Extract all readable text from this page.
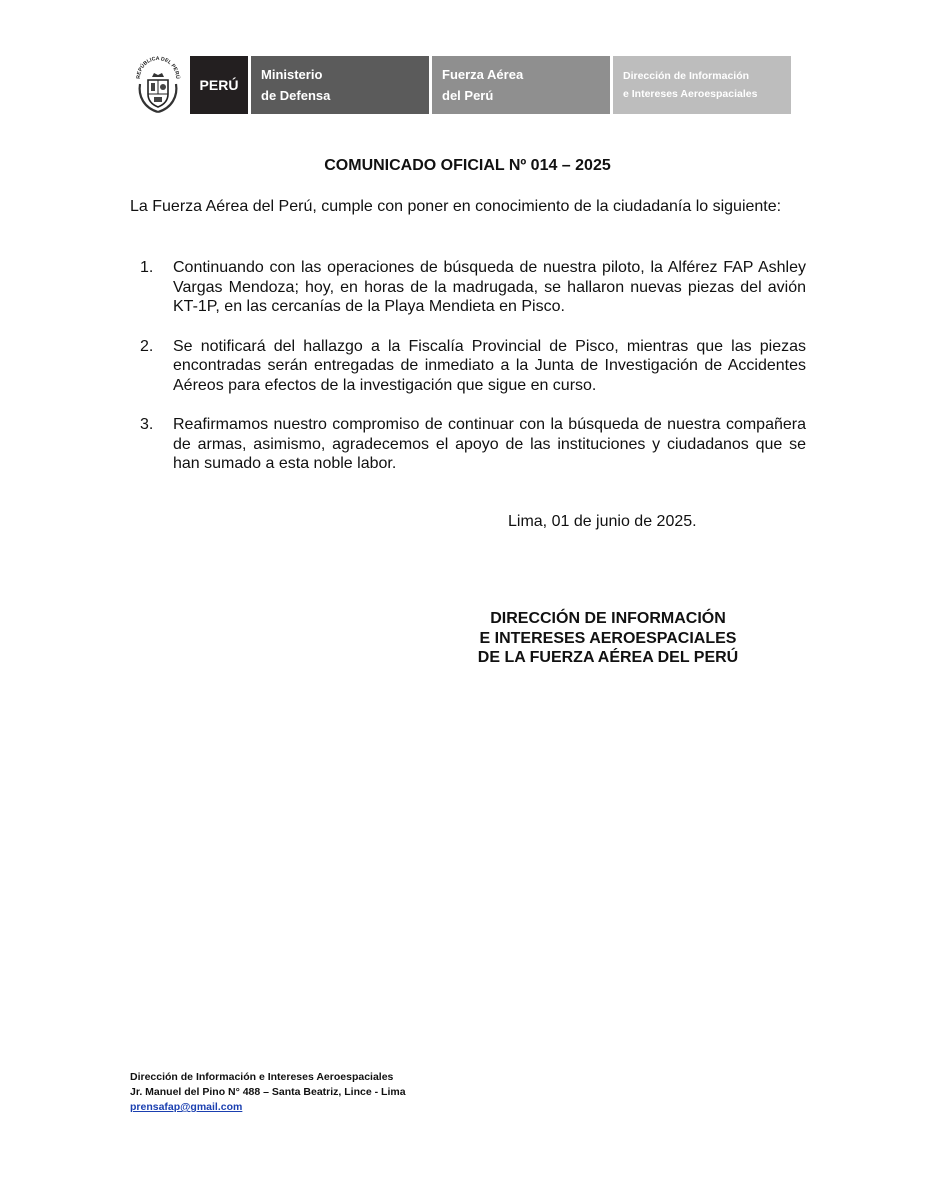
REPÚBLICA DEL PERÚ
PERÚ
Ministerio
de Defensa
Fuerza Aérea
del Perú
Dirección de Información
e Intereses Aeroespaciales
COMUNICADO OFICIAL Nº 014 – 2025
La Fuerza Aérea del Perú, cumple con poner en conocimiento de la ciudadanía lo siguiente:
1.	Continuando con las operaciones de búsqueda de nuestra piloto, la Alférez FAP Ashley Vargas Mendoza; hoy, en horas de la madrugada, se hallaron nuevas piezas del avión KT-1P, en las cercanías de la Playa Mendieta en Pisco.
2.	Se notificará del hallazgo a la Fiscalía Provincial de Pisco, mientras que las piezas encontradas serán entregadas de inmediato a la Junta de Investigación de Accidentes Aéreos para efectos de la investigación que sigue en curso.
3.	Reafirmamos nuestro compromiso de continuar con la búsqueda de nuestra compañera de armas, asimismo, agradecemos el apoyo de las instituciones y ciudadanos que se han sumado a esta noble labor.
Lima, 01 de junio de 2025.
DIRECCIÓN DE INFORMACIÓN
E INTERESES AEROESPACIALES
DE LA FUERZA AÉREA DEL PERÚ
Dirección de Información e Intereses Aeroespaciales
Jr. Manuel del Pino N° 488 – Santa Beatriz, Lince - Lima
prensafap@gmail.com
